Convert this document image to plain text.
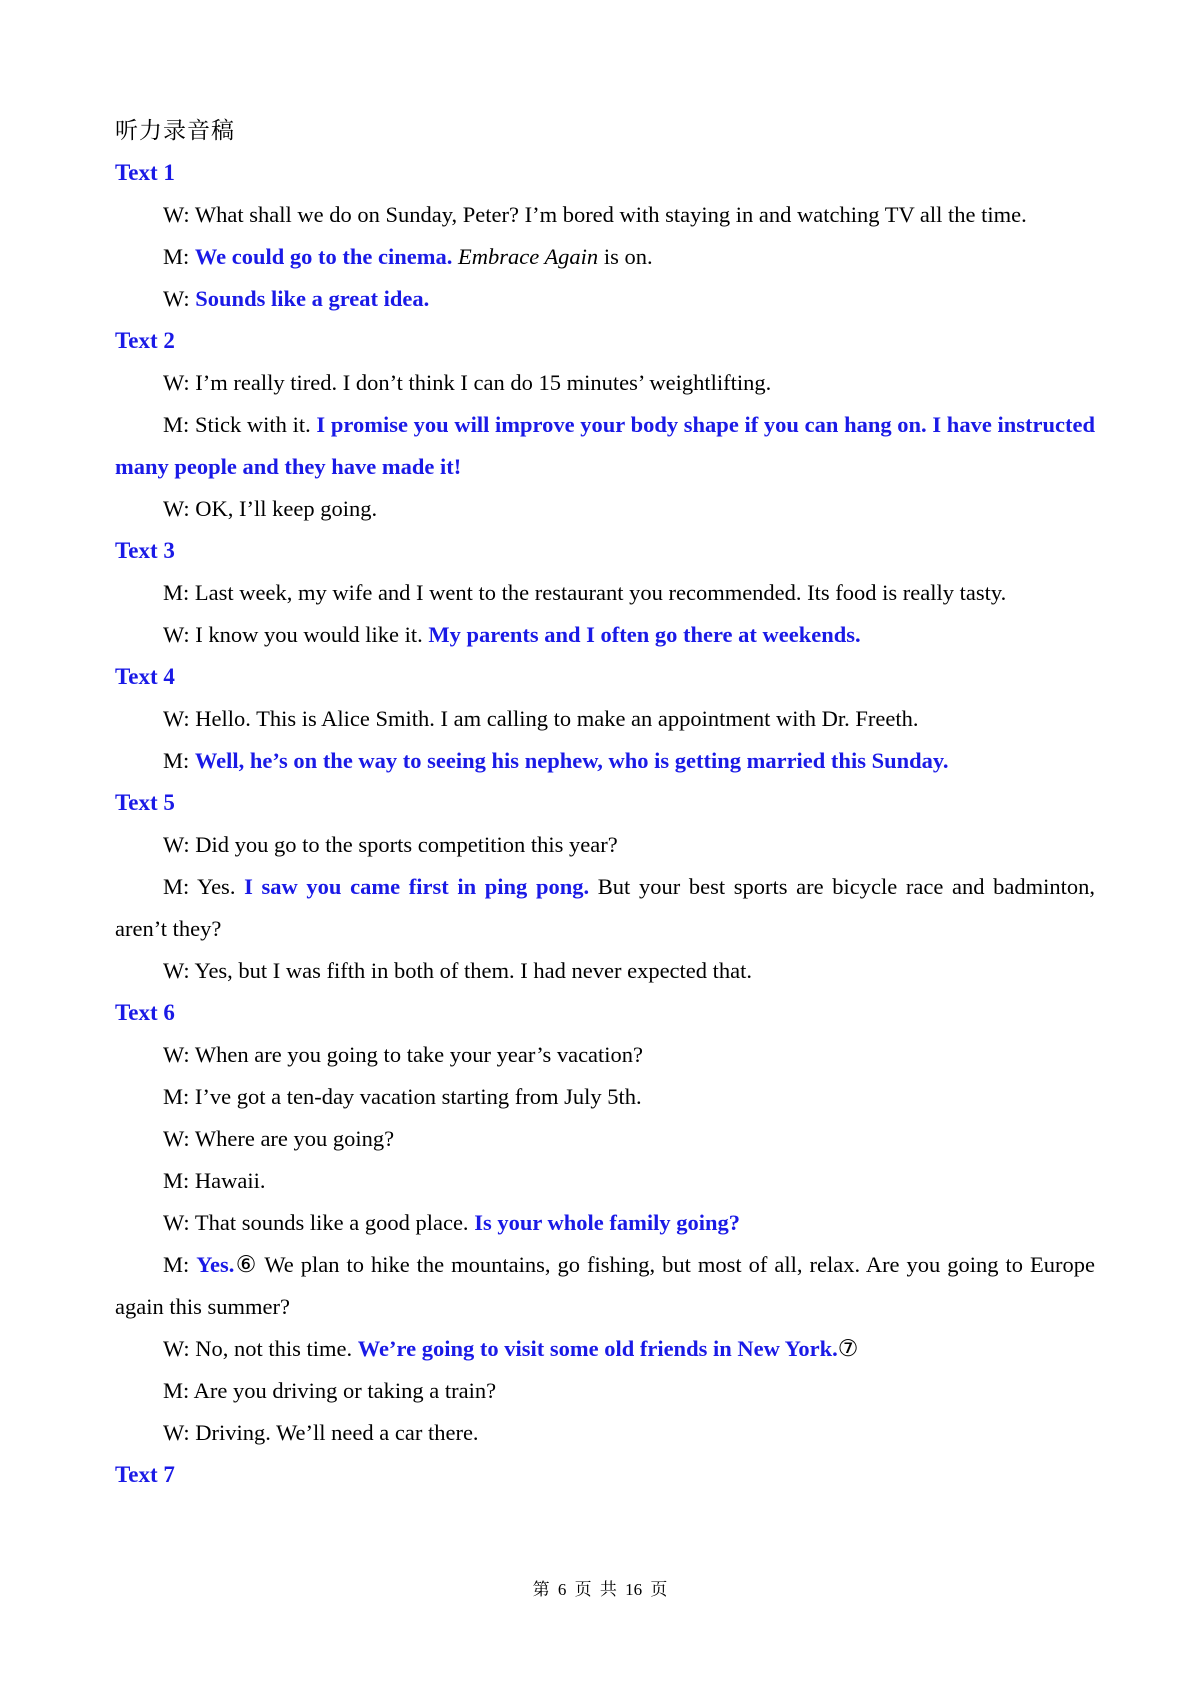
听力录音稿
Text 1
W: What shall we do on Sunday, Peter? I’m bored with staying in and watching TV all the time.
M: We could go to the cinema. Embrace Again is on.
W: Sounds like a great idea.
Text 2
W: I’m really tired. I don’t think I can do 15 minutes’ weightlifting.
M: Stick with it. I promise you will improve your body shape if you can hang on. I have instructed many people and they have made it!
W: OK, I’ll keep going.
Text 3
M: Last week, my wife and I went to the restaurant you recommended. Its food is really tasty.
W: I know you would like it. My parents and I often go there at weekends.
Text 4
W: Hello. This is Alice Smith. I am calling to make an appointment with Dr. Freeth.
M: Well, he’s on the way to seeing his nephew, who is getting married this Sunday.
Text 5
W: Did you go to the sports competition this year?
M: Yes. I saw you came first in ping pong. But your best sports are bicycle race and badminton, aren’t they?
W: Yes, but I was fifth in both of them. I had never expected that.
Text 6
W: When are you going to take your year’s vacation?
M: I’ve got a ten-day vacation starting from July 5th.
W: Where are you going?
M: Hawaii.
W: That sounds like a good place. Is your whole family going?
M: Yes.⑥ We plan to hike the mountains, go fishing, but most of all, relax. Are you going to Europe again this summer?
W: No, not this time. We’re going to visit some old friends in New York.⑦
M: Are you driving or taking a train?
W: Driving. We’ll need a car there.
Text 7
第 6 页 共 16 页
